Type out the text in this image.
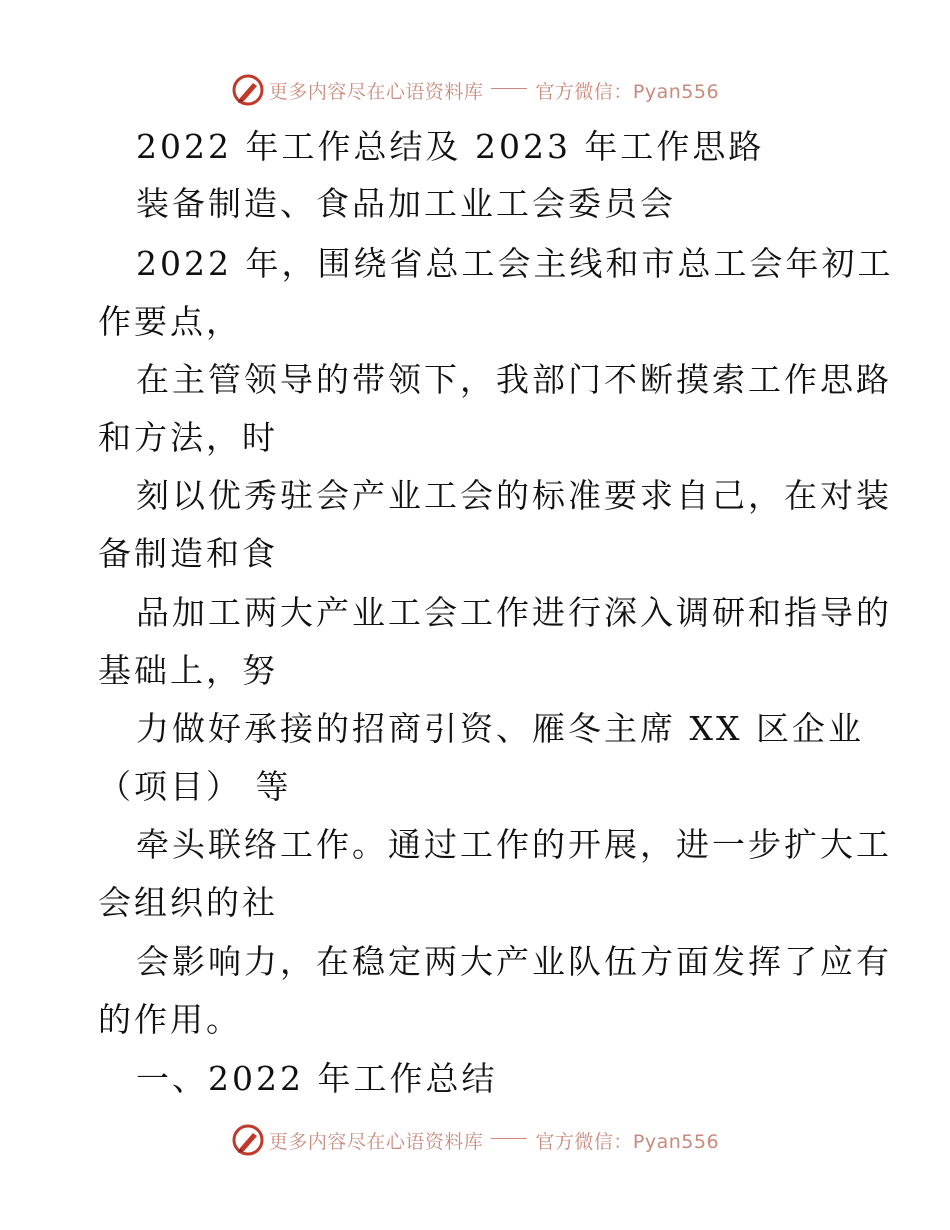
更多内容尽在心语资料库	官方微信：Pyan556
2022 年工作总结及 2023 年工作思路
装备制造、食品加工业工会委员会
2022 年，围绕省总工会主线和市总工会年初工
作要点，
在主管领导的带领下，我部门不断摸索工作思路
和方法，时
刻以优秀驻会产业工会的标准要求自己，在对装
备制造和食
品加工两大产业工会工作进行深入调研和指导的
基础上，努
力做好承接的招商引资、雁冬主席 XX 区企业
（项目） 等
牵头联络工作。通过工作的开展，进一步扩大工
会组织的社
会影响力，在稳定两大产业队伍方面发挥了应有
的作用。
一、2022 年工作总结
更多内容尽在心语资料库	官方微信：Pyan556
